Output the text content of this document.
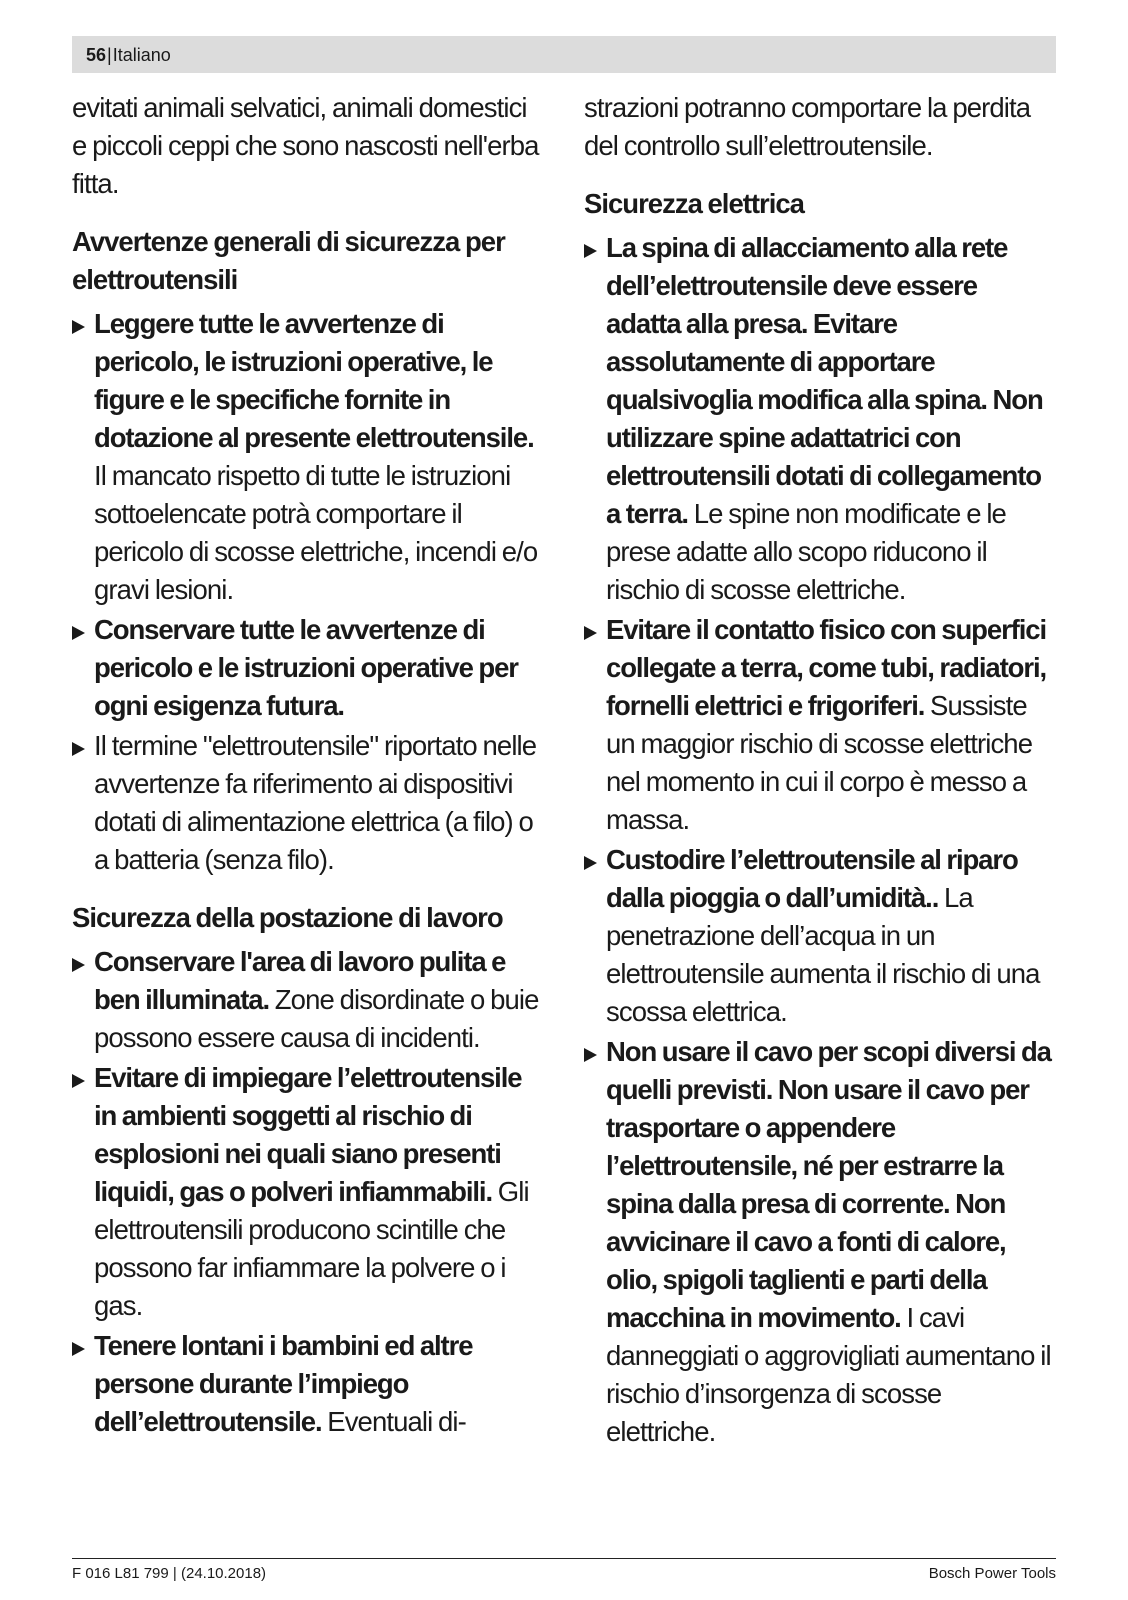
56|Italiano

evitati animali selvatici, animali domestici e piccoli ceppi che sono nascosti nell'erba fitta.

Avvertenze generali di sicurezza per elettroutensili

Leggere tutte le avvertenze di pericolo, le istruzioni operative, le figure e le specifiche fornite in dotazione al presente elettroutensile. Il mancato rispetto di tutte le istruzioni sottoelencate potrà comportare il pericolo di scosse elettriche, incendi e/o gravi lesioni.
Conservare tutte le avvertenze di pericolo e le istruzioni operative per ogni esigenza futura.
Il termine "elettroutensile" riportato nelle avvertenze fa riferimento ai dispositivi dotati di alimentazione elettrica (a filo) o a batteria (senza filo).

Sicurezza della postazione di lavoro

Conservare l'area di lavoro pulita e ben illuminata. Zone disordinate o buie possono essere causa di incidenti.
Evitare di impiegare l’elettroutensile in ambienti soggetti al rischio di esplosioni nei quali siano presenti liquidi, gas o polveri infiammabili. Gli elettroutensili producono scintille che possono far infiammare la polvere o i gas.
Tenere lontani i bambini ed altre persone durante l’impiego dell’elettroutensile. Eventuali di-

strazioni potranno comportare la perdita del controllo sull’elettroutensile.

Sicurezza elettrica

La spina di allacciamento alla rete dell’elettroutensile deve essere adatta alla presa. Evitare assolutamente di apportare qualsivoglia modifica alla spina. Non utilizzare spine adattatrici con elettroutensili dotati di collegamento a terra. Le spine non modificate e le prese adatte allo scopo riducono il rischio di scosse elettriche.
Evitare il contatto fisico con superfici collegate a terra, come tubi, radiatori, fornelli elettrici e frigoriferi. Sussiste un maggior rischio di scosse elettriche nel momento in cui il corpo è messo a massa.
Custodire l’elettroutensile al riparo dalla pioggia o dall’umidità.. La penetrazione dell’acqua in un elettroutensile aumenta il rischio di una scossa elettrica.
Non usare il cavo per scopi diversi da quelli previsti. Non usare il cavo per trasportare o appendere l’elettroutensile, né per estrarre la spina dalla presa di corrente. Non avvicinare il cavo a fonti di calore, olio, spigoli taglienti e parti della macchina in movimento. I cavi danneggiati o aggrovigliati aumentano il rischio d’insorgenza di scosse elettriche.
F 016 L81 799 | (24.10.2018)	Bosch Power Tools
